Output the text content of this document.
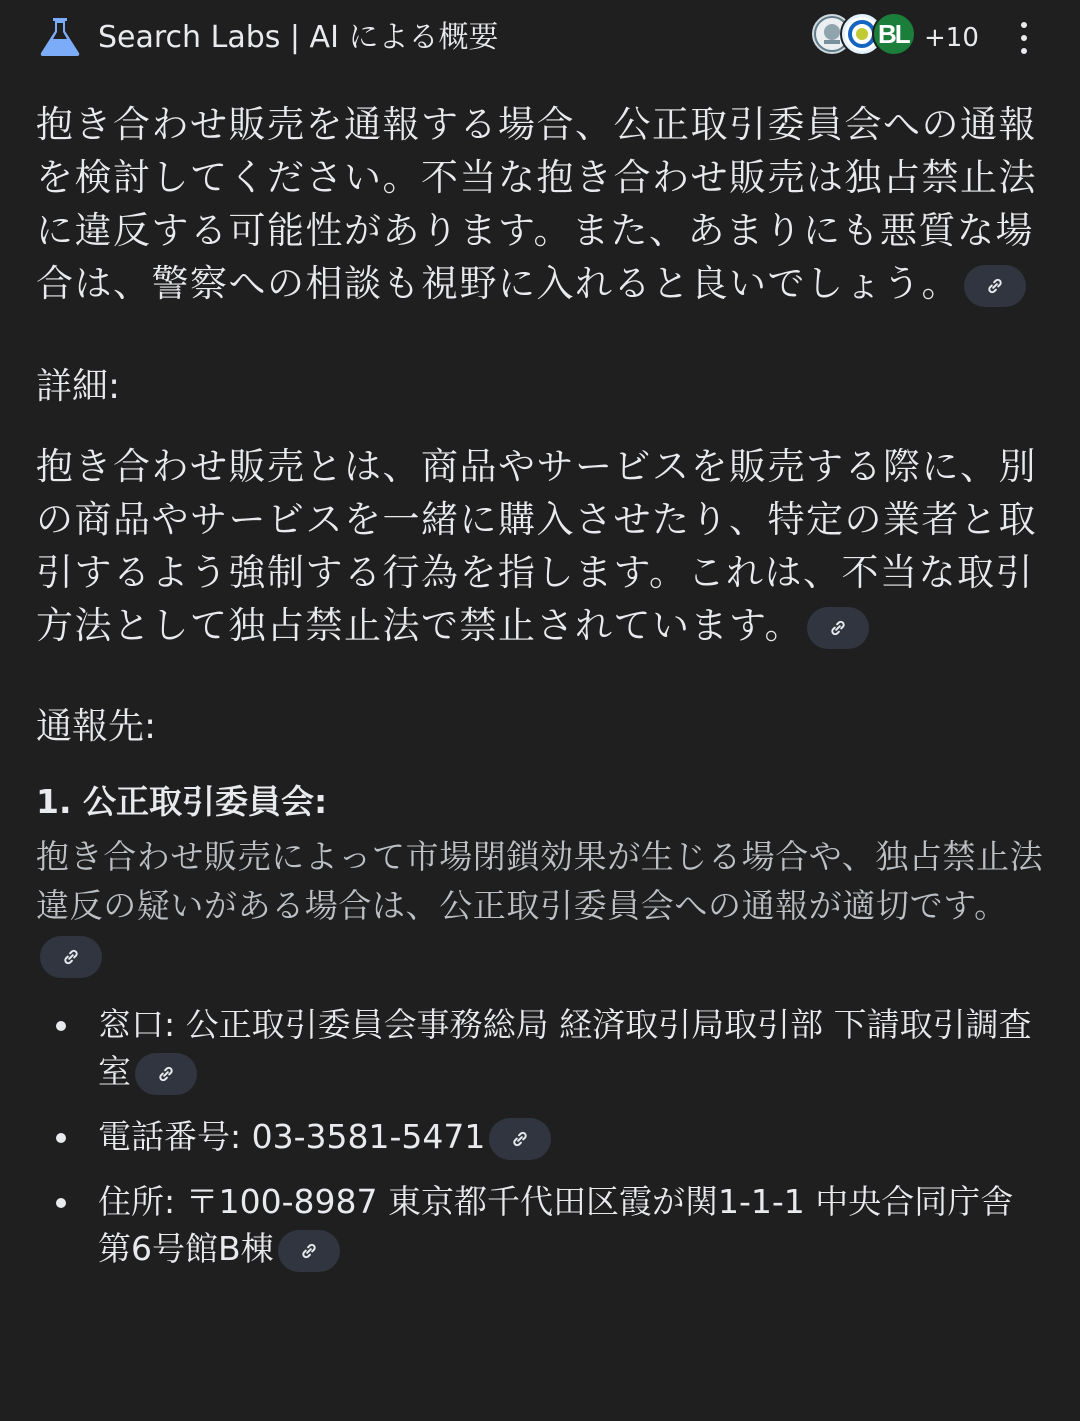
Search Labs | AI による概要	BL +10

抱き合わせ販売を通報する場合、公正取引委員会への通報を検討してください。不当な抱き合わせ販売は独占禁止法に違反する可能性があります。また、あまりにも悪質な場合は、警察への相談も視野に入れると良いでしょう。

詳細:

抱き合わせ販売とは、商品やサービスを販売する際に、別の商品やサービスを一緒に購入させたり、特定の業者と取引するよう強制する行為を指します。これは、不当な取引方法として独占禁止法で禁止されています。

通報先:

1. 公正取引委員会:

抱き合わせ販売によって市場閉鎖効果が生じる場合や、独占禁止法違反の疑いがある場合は、公正取引委員会への通報が適切です。

窓口: 公正取引委員会事務総局 経済取引局取引部 下請取引調査室
電話番号: 03-3581-5471
住所: 〒100-8987 東京都千代田区霞が関1-1-1 中央合同庁舎第6号館B棟
